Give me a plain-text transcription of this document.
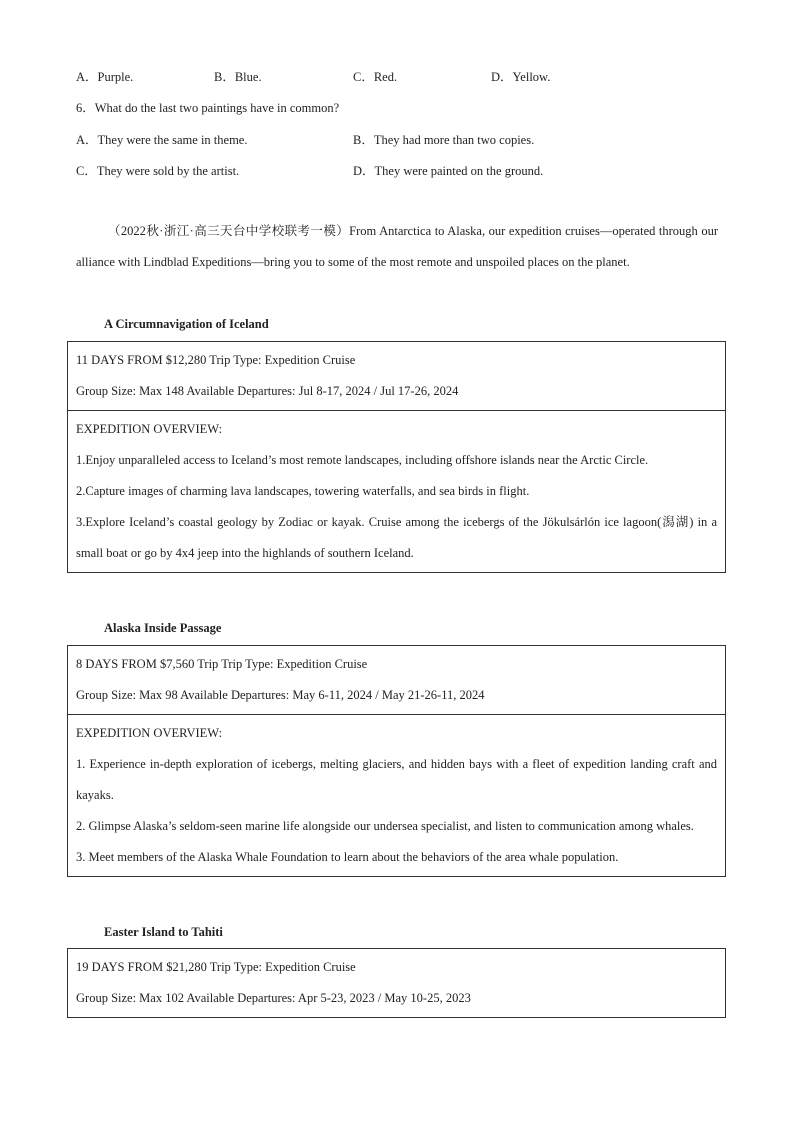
A．Purple.	B．Blue.	C．Red.	D．Yellow.
6．What do the last two paintings have in common?
A．They were the same in theme.	B．They had more than two copies.
C．They were sold by the artist.	D．They were painted on the ground.
（2022秋·浙江·高三天台中学校联考一模）From Antarctica to Alaska, our expedition cruises—operated through our alliance with Lindblad Expeditions—bring you to some of the most remote and unspoiled places on the planet.
A Circumnavigation of Iceland
11 DAYS FROM $12,280 Trip Type: Expedition Cruise
Group Size: Max 148 Available Departures: Jul 8-17, 2024 / Jul 17-26, 2024
EXPEDITION OVERVIEW:
1.Enjoy unparalleled access to Iceland’s most remote landscapes, including offshore islands near the Arctic Circle.
2.Capture images of charming lava landscapes, towering waterfalls, and sea birds in flight.
3.Explore Iceland’s coastal geology by Zodiac or kayak. Cruise among the icebergs of the Jökulsárlón ice lagoon(潟湖) in a small boat or go by 4x4 jeep into the highlands of southern Iceland.
Alaska Inside Passage
8 DAYS FROM $7,560 Trip Trip Type: Expedition Cruise
Group Size: Max 98 Available Departures: May 6-11, 2024 / May 21-26-11, 2024
EXPEDITION OVERVIEW:
1. Experience in-depth exploration of icebergs, melting glaciers, and hidden bays with a fleet of expedition landing craft and kayaks.
2. Glimpse Alaska’s seldom-seen marine life alongside our undersea specialist, and listen to communication among whales.
3. Meet members of the Alaska Whale Foundation to learn about the behaviors of the area whale population.
Easter Island to Tahiti
19 DAYS FROM $21,280 Trip Type: Expedition Cruise
Group Size: Max 102 Available Departures: Apr 5-23, 2023 / May 10-25, 2023
